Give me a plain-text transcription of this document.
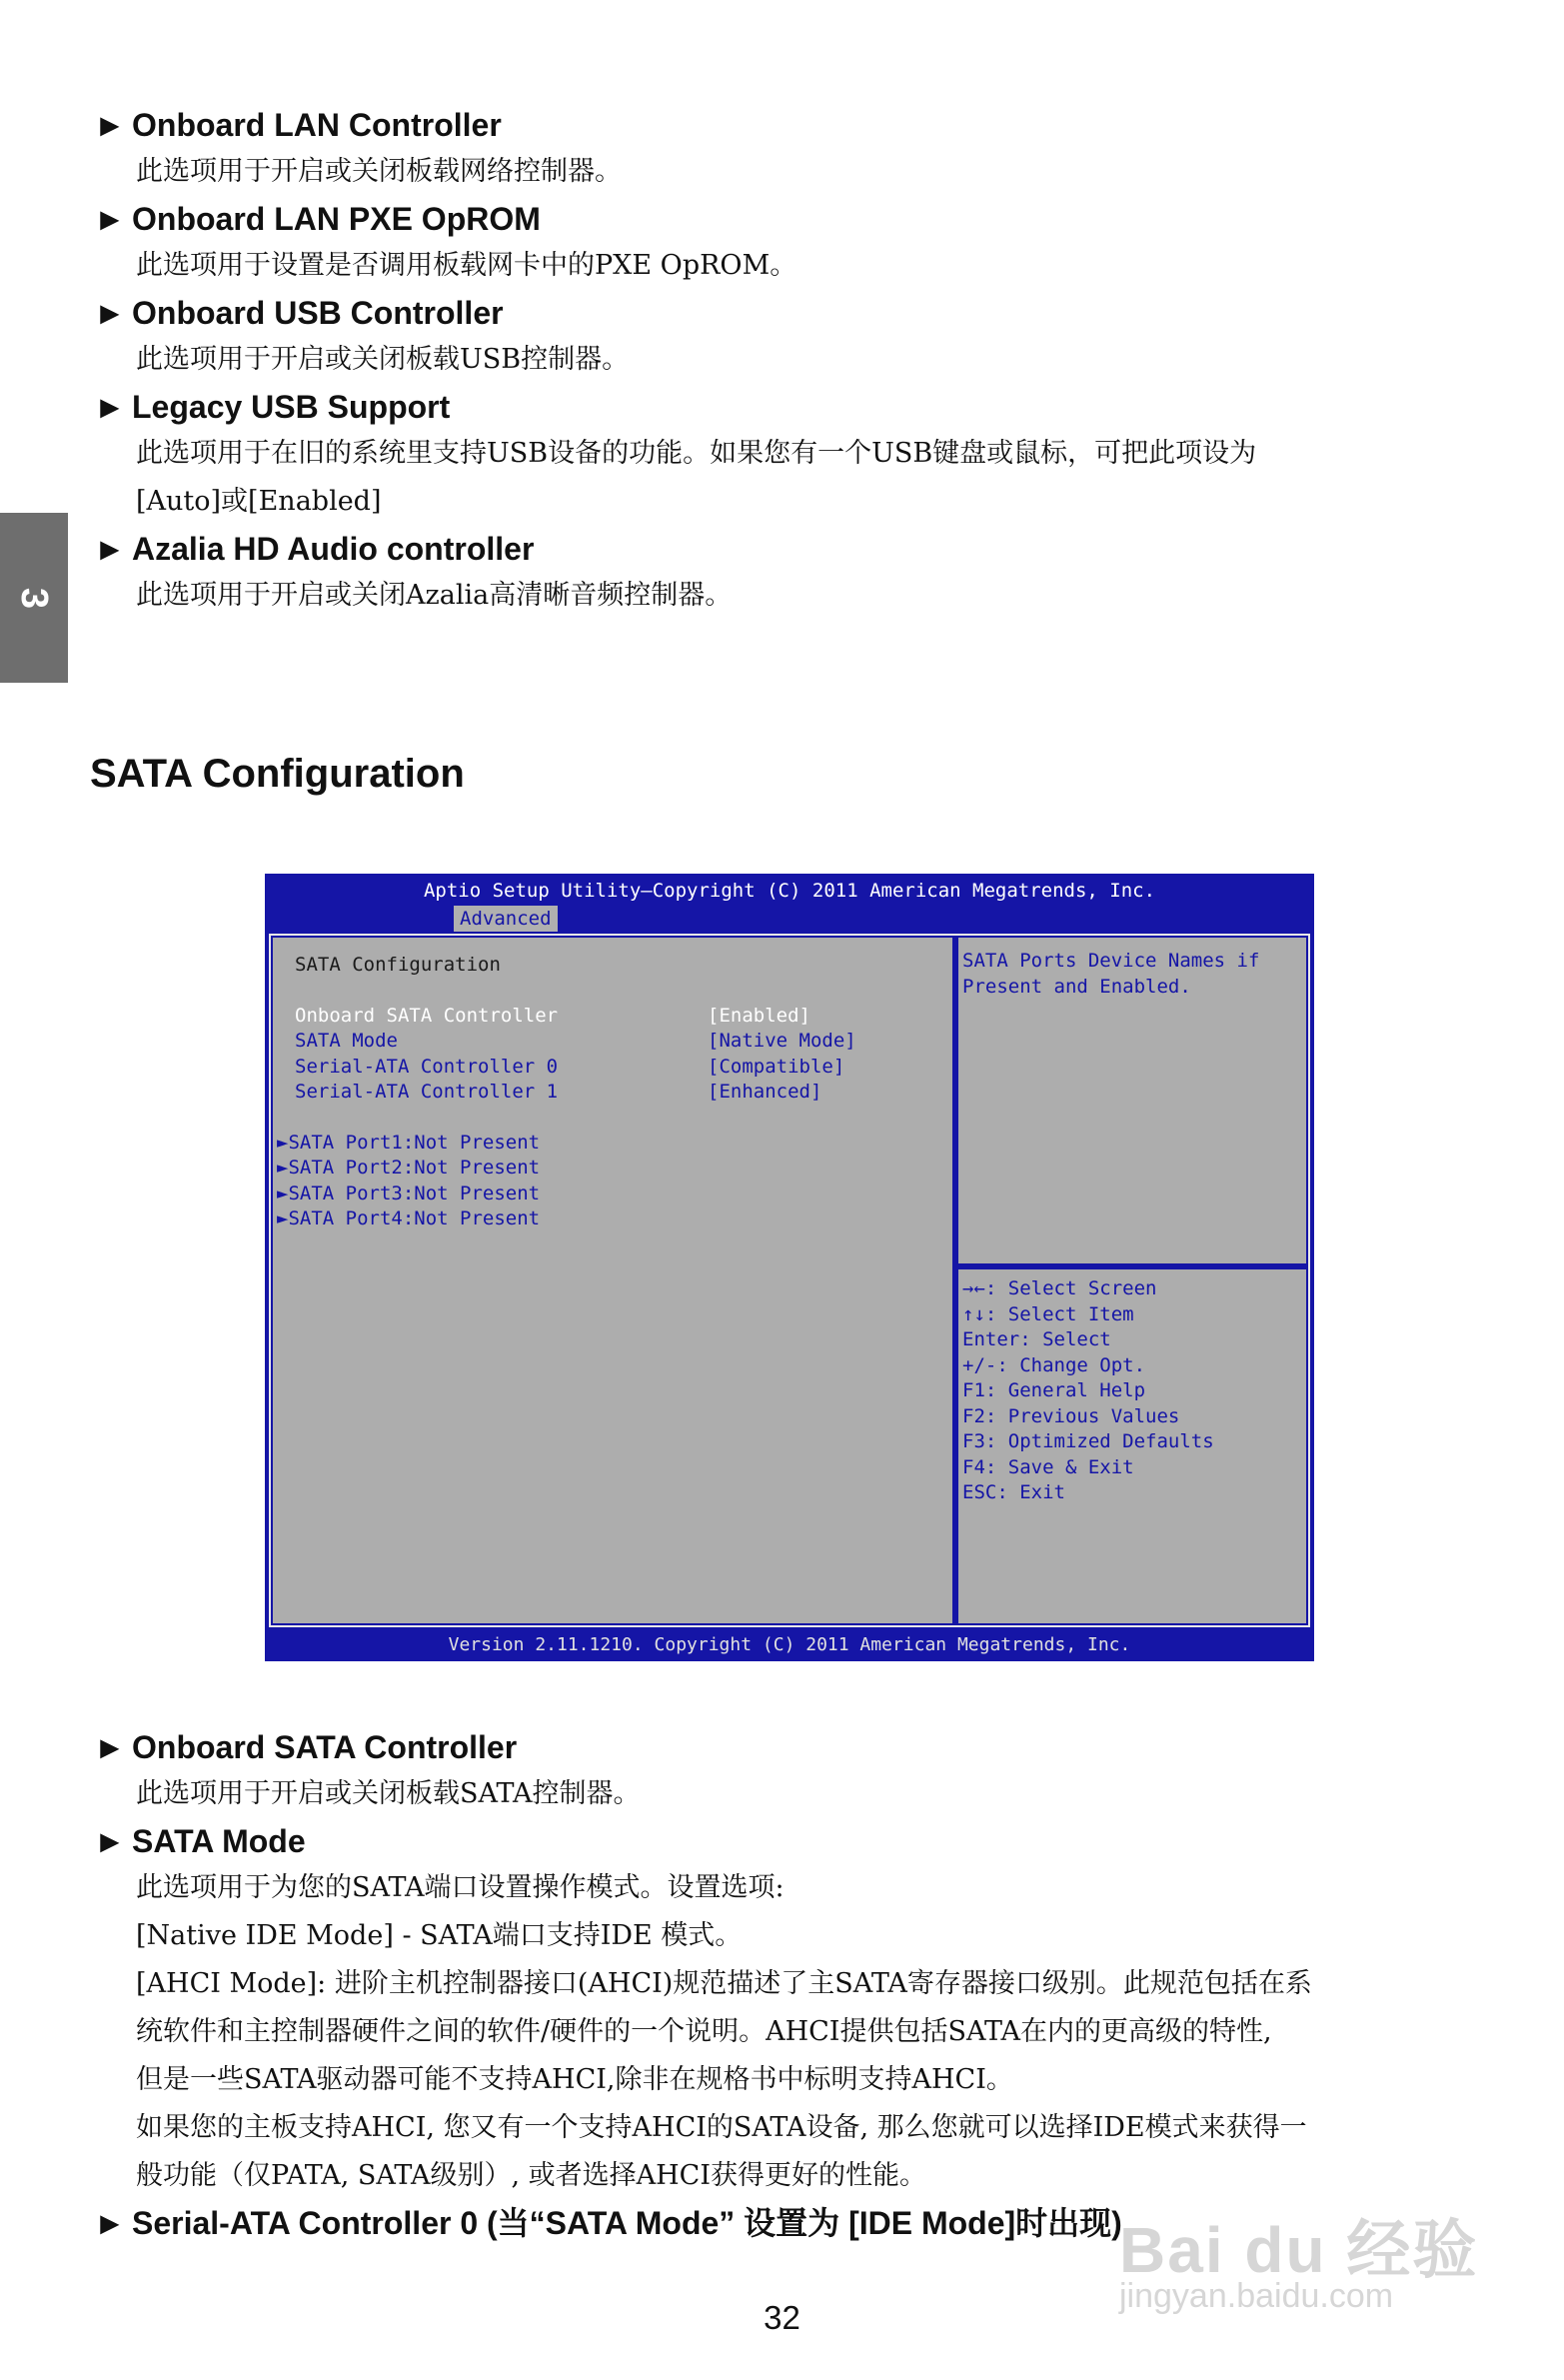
3
► Onboard LAN Controller
此选项用于开启或关闭板载网络控制器。
► Onboard LAN PXE OpROM
此选项用于设置是否调用板载网卡中的PXE OpROM。
► Onboard USB Controller
此选项用于开启或关闭板载USB控制器。
► Legacy USB Support
此选项用于在旧的系统里支持USB设备的功能。如果您有一个USB键盘或鼠标，可把此项设为
[Auto]或[Enabled]
► Azalia HD Audio controller
此选项用于开启或关闭Azalia高清晰音频控制器。
SATA Configuration
Aptio Setup Utility–Copyright (C) 2011 American Megatrends, Inc.
Advanced
SATA Configuration
Onboard SATA Controller	[Enabled]
SATA Mode	[Native Mode]
Serial-ATA Controller 0	[Compatible]
Serial-ATA Controller 1	[Enhanced]
►SATA Port1:Not Present
►SATA Port2:Not Present
►SATA Port3:Not Present
►SATA Port4:Not Present
SATA Ports Device Names if
Present and Enabled.
→←: Select Screen
↑↓: Select Item
Enter: Select
+/-: Change Opt.
F1: General Help
F2: Previous Values
F3: Optimized Defaults
F4: Save & Exit
ESC: Exit
Version 2.11.1210. Copyright (C) 2011 American Megatrends, Inc.
► Onboard SATA Controller
此选项用于开启或关闭板载SATA控制器。
► SATA Mode
此选项用于为您的SATA端口设置操作模式。设置选项:
[Native IDE Mode] - SATA端口支持IDE 模式。
[AHCI Mode]: 进阶主机控制器接口(AHCI)规范描述了主SATA寄存器接口级别。此规范包括在系
统软件和主控制器硬件之间的软件/硬件的一个说明。AHCI提供包括SATA在内的更高级的特性,
但是一些SATA驱动器可能不支持AHCI,除非在规格书中标明支持AHCI。
如果您的主板支持AHCI, 您又有一个支持AHCI的SATA设备, 那么您就可以选择IDE模式来获得一
般功能（仅PATA, SATA级别）, 或者选择AHCI获得更好的性能。
► Serial-ATA Controller 0 (当“SATA Mode” 设置为 [IDE Mode]时出现)
Bai du 经验
jingyan.baidu.com
32
